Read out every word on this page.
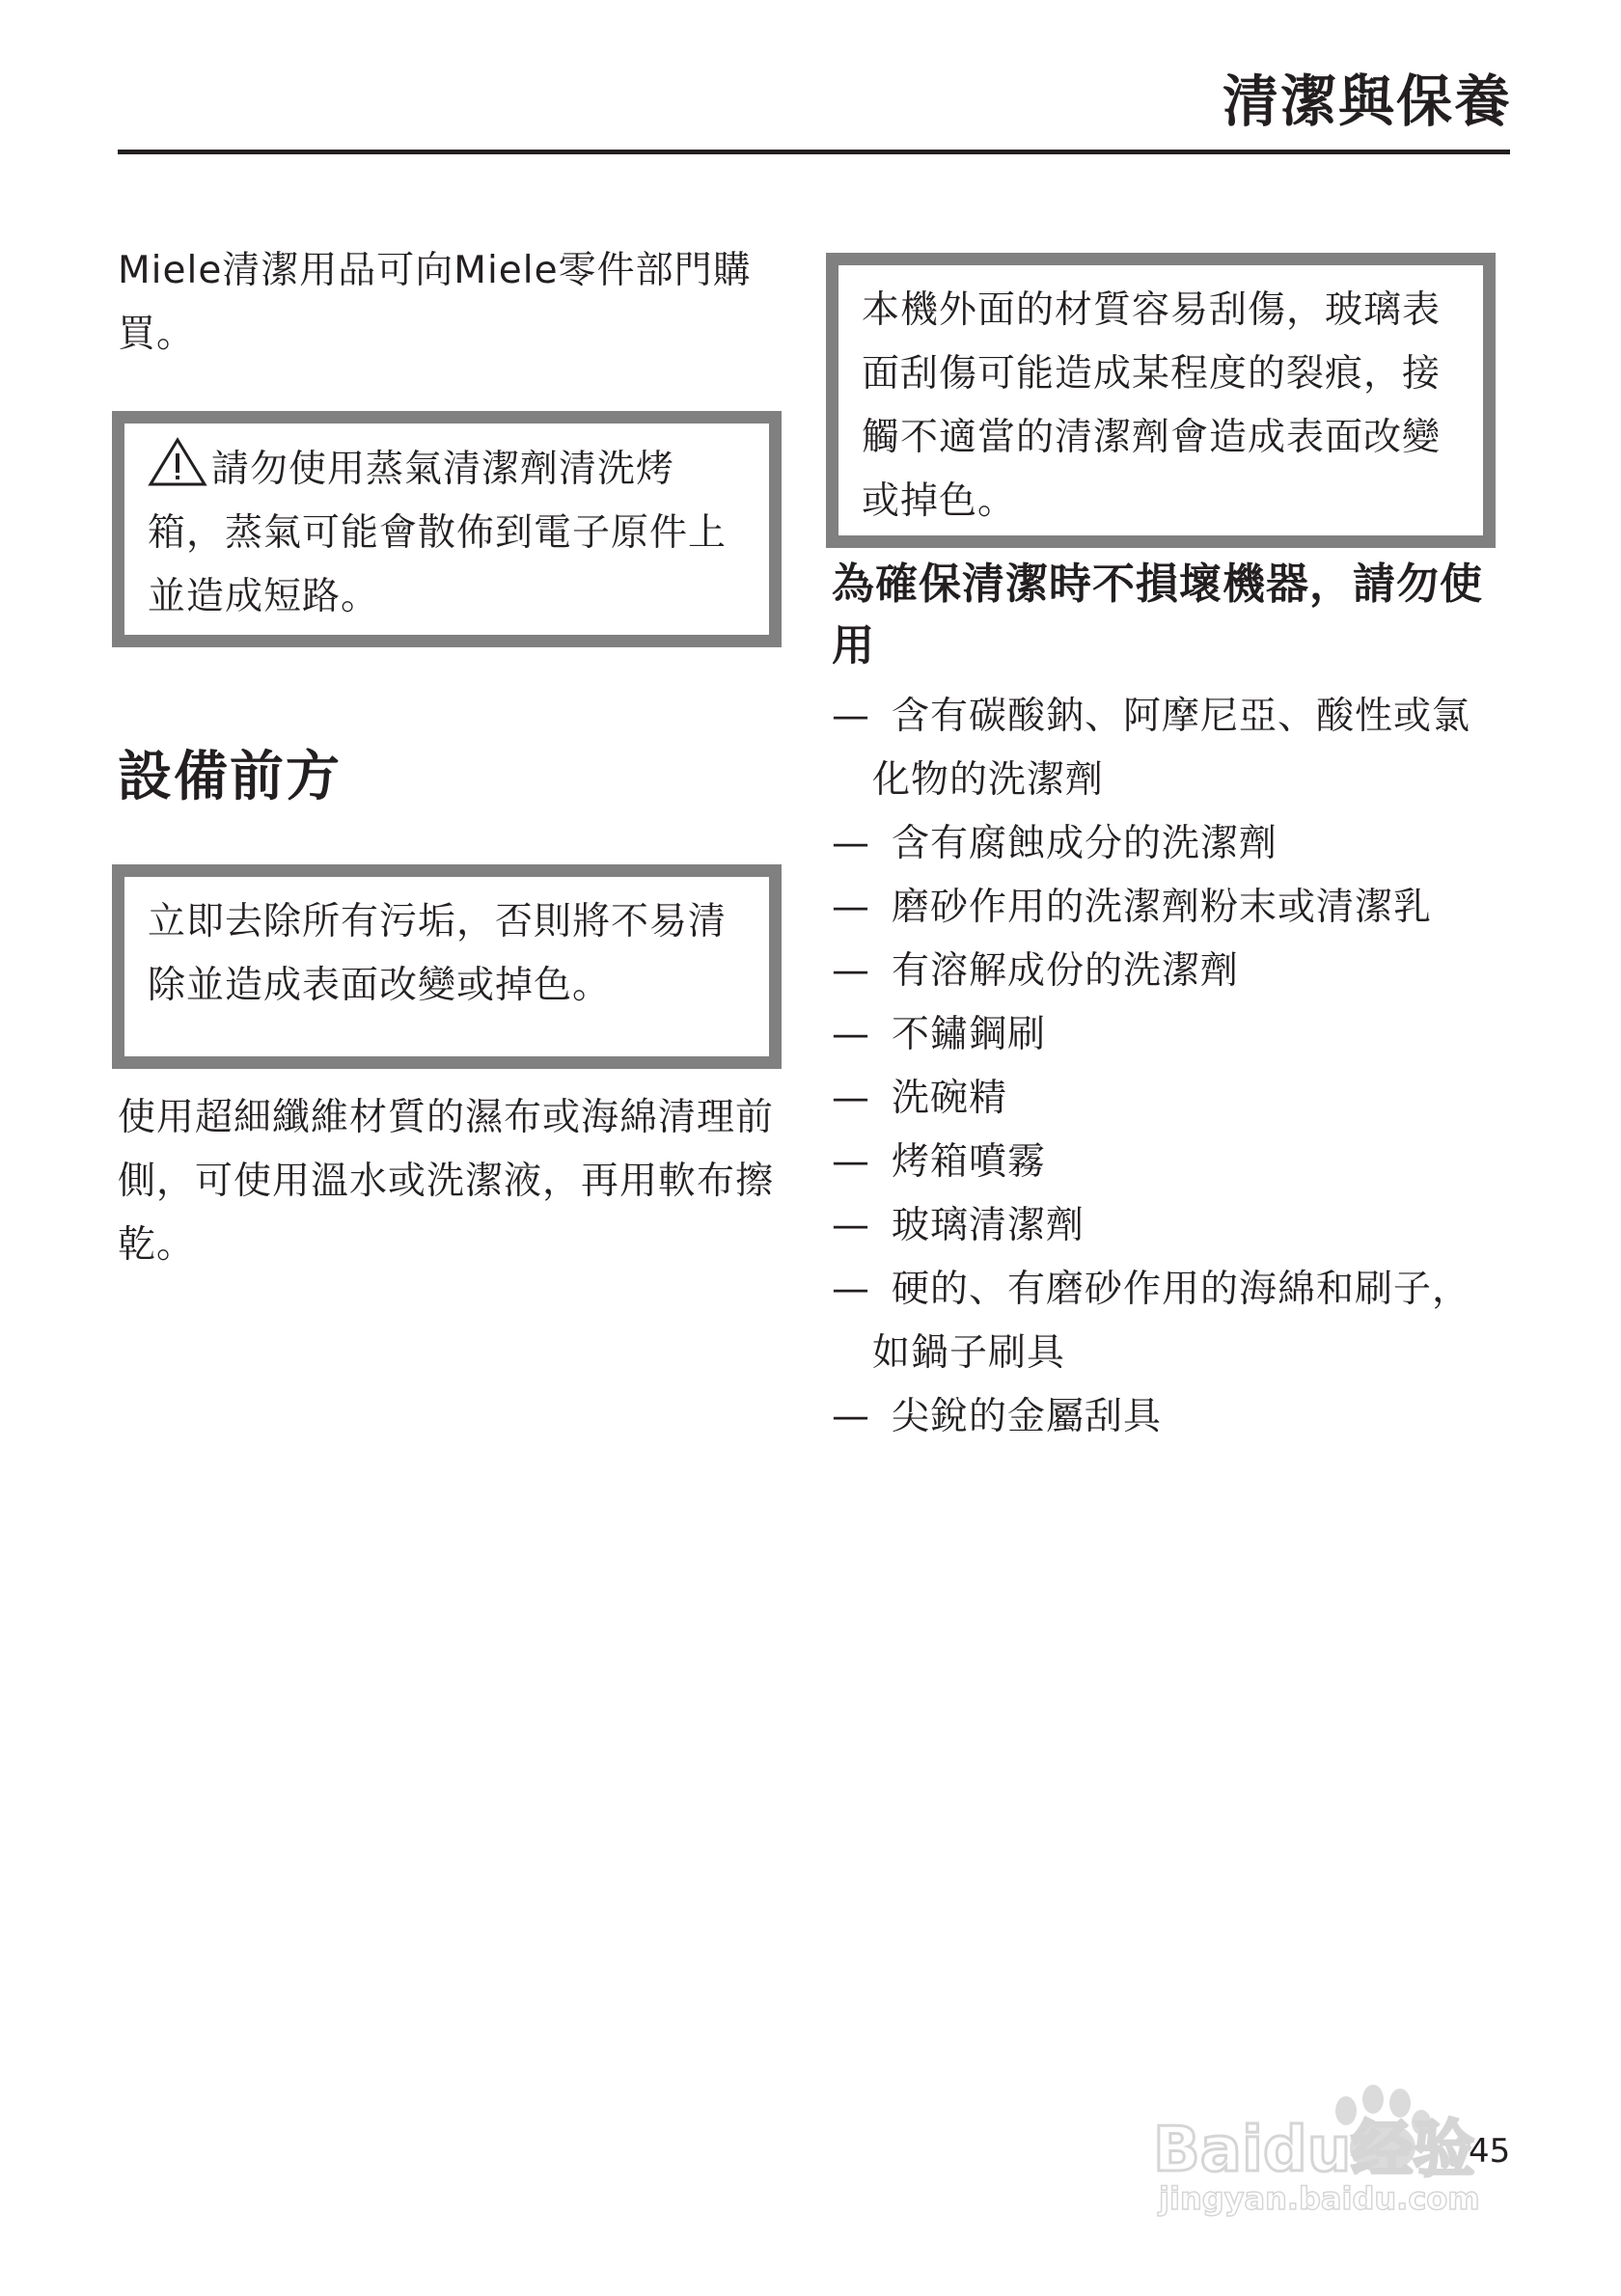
清潔與保養
Miele清潔用品可向Miele零件部門購買。
請勿使用蒸氣清潔劑清洗烤箱，蒸氣可能會散佈到電子原件上並造成短路。
設備前方
立即去除所有污垢，否則將不易清除並造成表面改變或掉色。
使用超細纖維材質的濕布或海綿清理前側，可使用溫水或洗潔液，再用軟布擦乾。
本機外面的材質容易刮傷，玻璃表面刮傷可能造成某程度的裂痕，接觸不適當的清潔劑會造成表面改變或掉色。
為確保清潔時不損壞機器，請勿使用
— 含有碳酸鈉、阿摩尼亞、酸性或氯
化物的洗潔劑
— 含有腐蝕成分的洗潔劑
— 磨砂作用的洗潔劑粉末或清潔乳
— 有溶解成份的洗潔劑
— 不鏽鋼刷
— 洗碗精
— 烤箱噴霧
— 玻璃清潔劑
— 硬的、有磨砂作用的海綿和刷子，
如鍋子刷具
— 尖銳的金屬刮具
Baidu经验
jingyan.baidu.com
45
